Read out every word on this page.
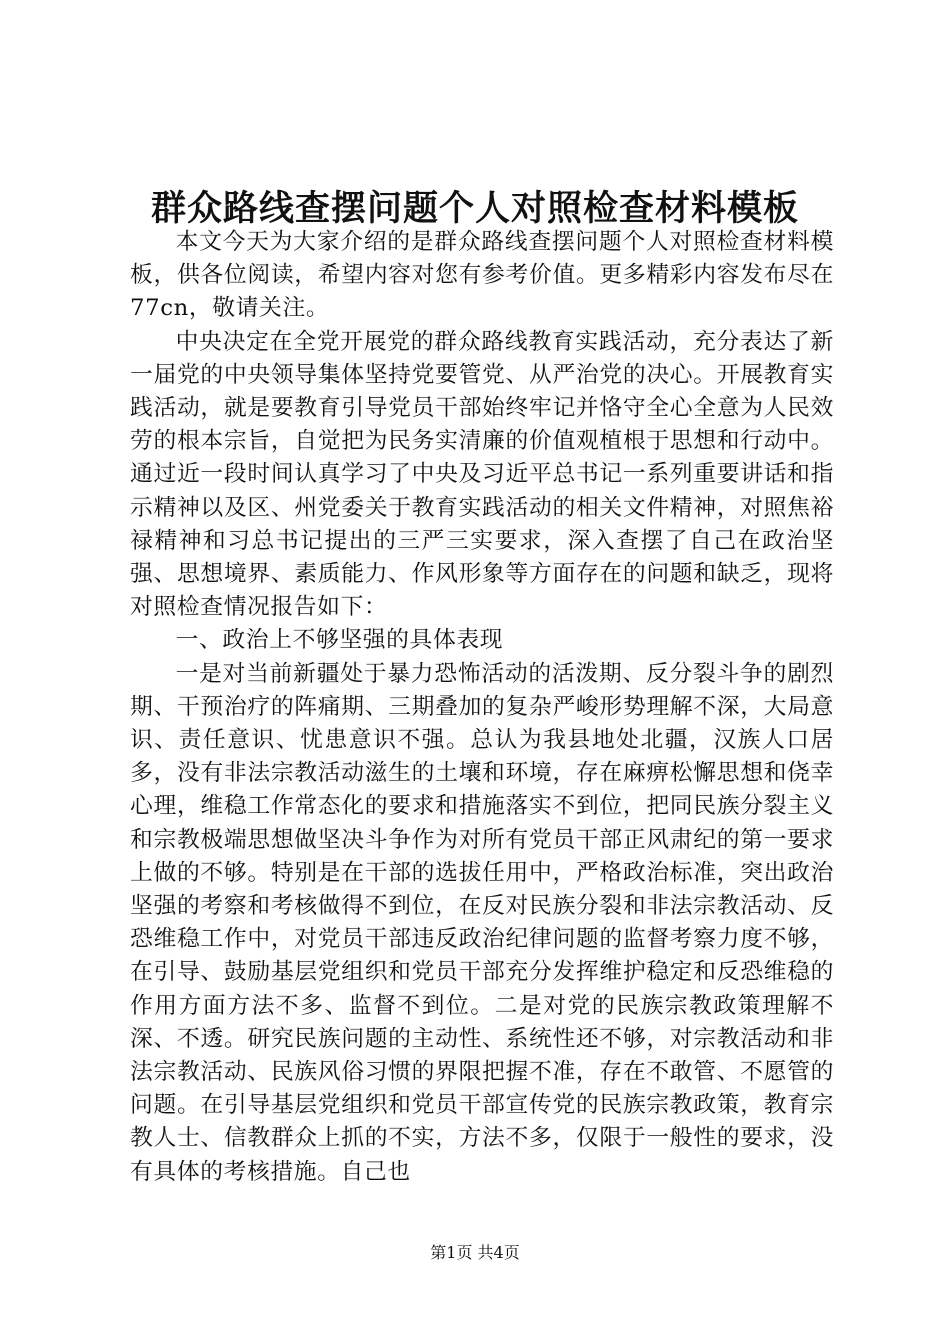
群众路线查摆问题个人对照检查材料模板

本文今天为大家介绍的是群众路线查摆问题个人对照检查材料模板，供各位阅读，希望内容对您有参考价值。更多精彩内容发布尽在77cn，敬请关注。

中央决定在全党开展党的群众路线教育实践活动，充分表达了新一届党的中央领导集体坚持党要管党、从严治党的决心。开展教育实践活动，就是要教育引导党员干部始终牢记并恪守全心全意为人民效劳的根本宗旨，自觉把为民务实清廉的价值观植根于思想和行动中。通过近一段时间认真学习了中央及习近平总书记一系列重要讲话和指示精神以及区、州党委关于教育实践活动的相关文件精神，对照焦裕禄精神和习总书记提出的三严三实要求，深入查摆了自己在政治坚强、思想境界、素质能力、作风形象等方面存在的问题和缺乏，现将对照检查情况报告如下：

一、政治上不够坚强的具体表现

一是对当前新疆处于暴力恐怖活动的活泼期、反分裂斗争的剧烈期、干预治疗的阵痛期、三期叠加的复杂严峻形势理解不深，大局意识、责任意识、忧患意识不强。总认为我县地处北疆，汉族人口居多，没有非法宗教活动滋生的土壤和环境，存在麻痹松懈思想和侥幸心理，维稳工作常态化的要求和措施落实不到位，把同民族分裂主义和宗教极端思想做坚决斗争作为对所有党员干部正风肃纪的第一要求上做的不够。特别是在干部的选拔任用中，严格政治标准，突出政治坚强的考察和考核做得不到位，在反对民族分裂和非法宗教活动、反恐维稳工作中，对党员干部违反政治纪律问题的监督考察力度不够，在引导、鼓励基层党组织和党员干部充分发挥维护稳定和反恐维稳的作用方面方法不多、监督不到位。二是对党的民族宗教政策理解不深、不透。研究民族问题的主动性、系统性还不够，对宗教活动和非法宗教活动、民族风俗习惯的界限把握不准，存在不敢管、不愿管的问题。在引导基层党组织和党员干部宣传党的民族宗教政策，教育宗教人士、信教群众上抓的不实，方法不多，仅限于一般性的要求，没有具体的考核措施。自己也

第1页 共4页
